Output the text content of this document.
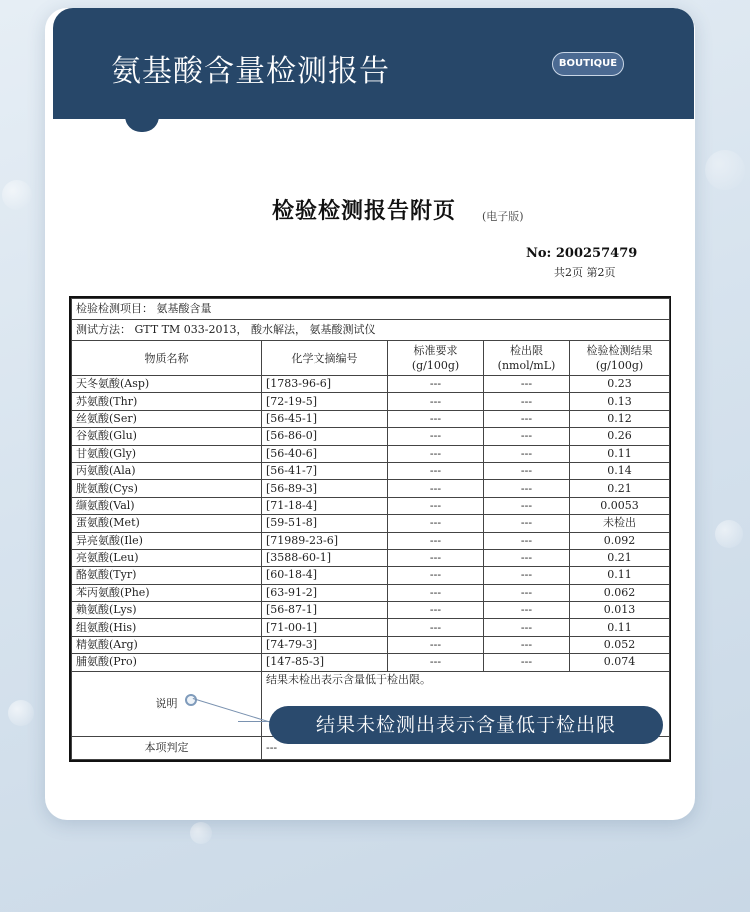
氨基酸含量检测报告	BOUTIQUE
检验检测报告附页 (电子版)
No: 200257479
共2页 第2页
检验检测项目： 氨基酸含量				
测试方法： GTT TM 033-2013， 酸水解法， 氨基酸测试仪				
物质名称	化学文摘编号	标准要求 (g/100g)	检出限 (nmol/mL)	检验检测结果 (g/100g)
天冬氨酸(Asp)	[1783-96-6]	---	---	0.23
苏氨酸(Thr)	[72-19-5]	---	---	0.13
丝氨酸(Ser)	[56-45-1]	---	---	0.12
谷氨酸(Glu)	[56-86-0]	---	---	0.26
甘氨酸(Gly)	[56-40-6]	---	---	0.11
丙氨酸(Ala)	[56-41-7]	---	---	0.14
胱氨酸(Cys)	[56-89-3]	---	---	0.21
缬氨酸(Val)	[71-18-4]	---	---	0.0053
蛋氨酸(Met)	[59-51-8]	---	---	未检出
异亮氨酸(Ile)	[71989-23-6]	---	---	0.092
亮氨酸(Leu)	[3588-60-1]	---	---	0.21
酪氨酸(Tyr)	[60-18-4]	---	---	0.11
苯丙氨酸(Phe)	[63-91-2]	---	---	0.062
赖氨酸(Lys)	[56-87-1]	---	---	0.013
组氨酸(His)	[71-00-1]	---	---	0.11
精氨酸(Arg)	[74-79-3]	---	---	0.052
脯氨酸(Pro)	[147-85-3]	---	---	0.074
说明	结果未检出表示含量低于检出限。			
本项判定	---			
结果未检测出表示含量低于检出限
